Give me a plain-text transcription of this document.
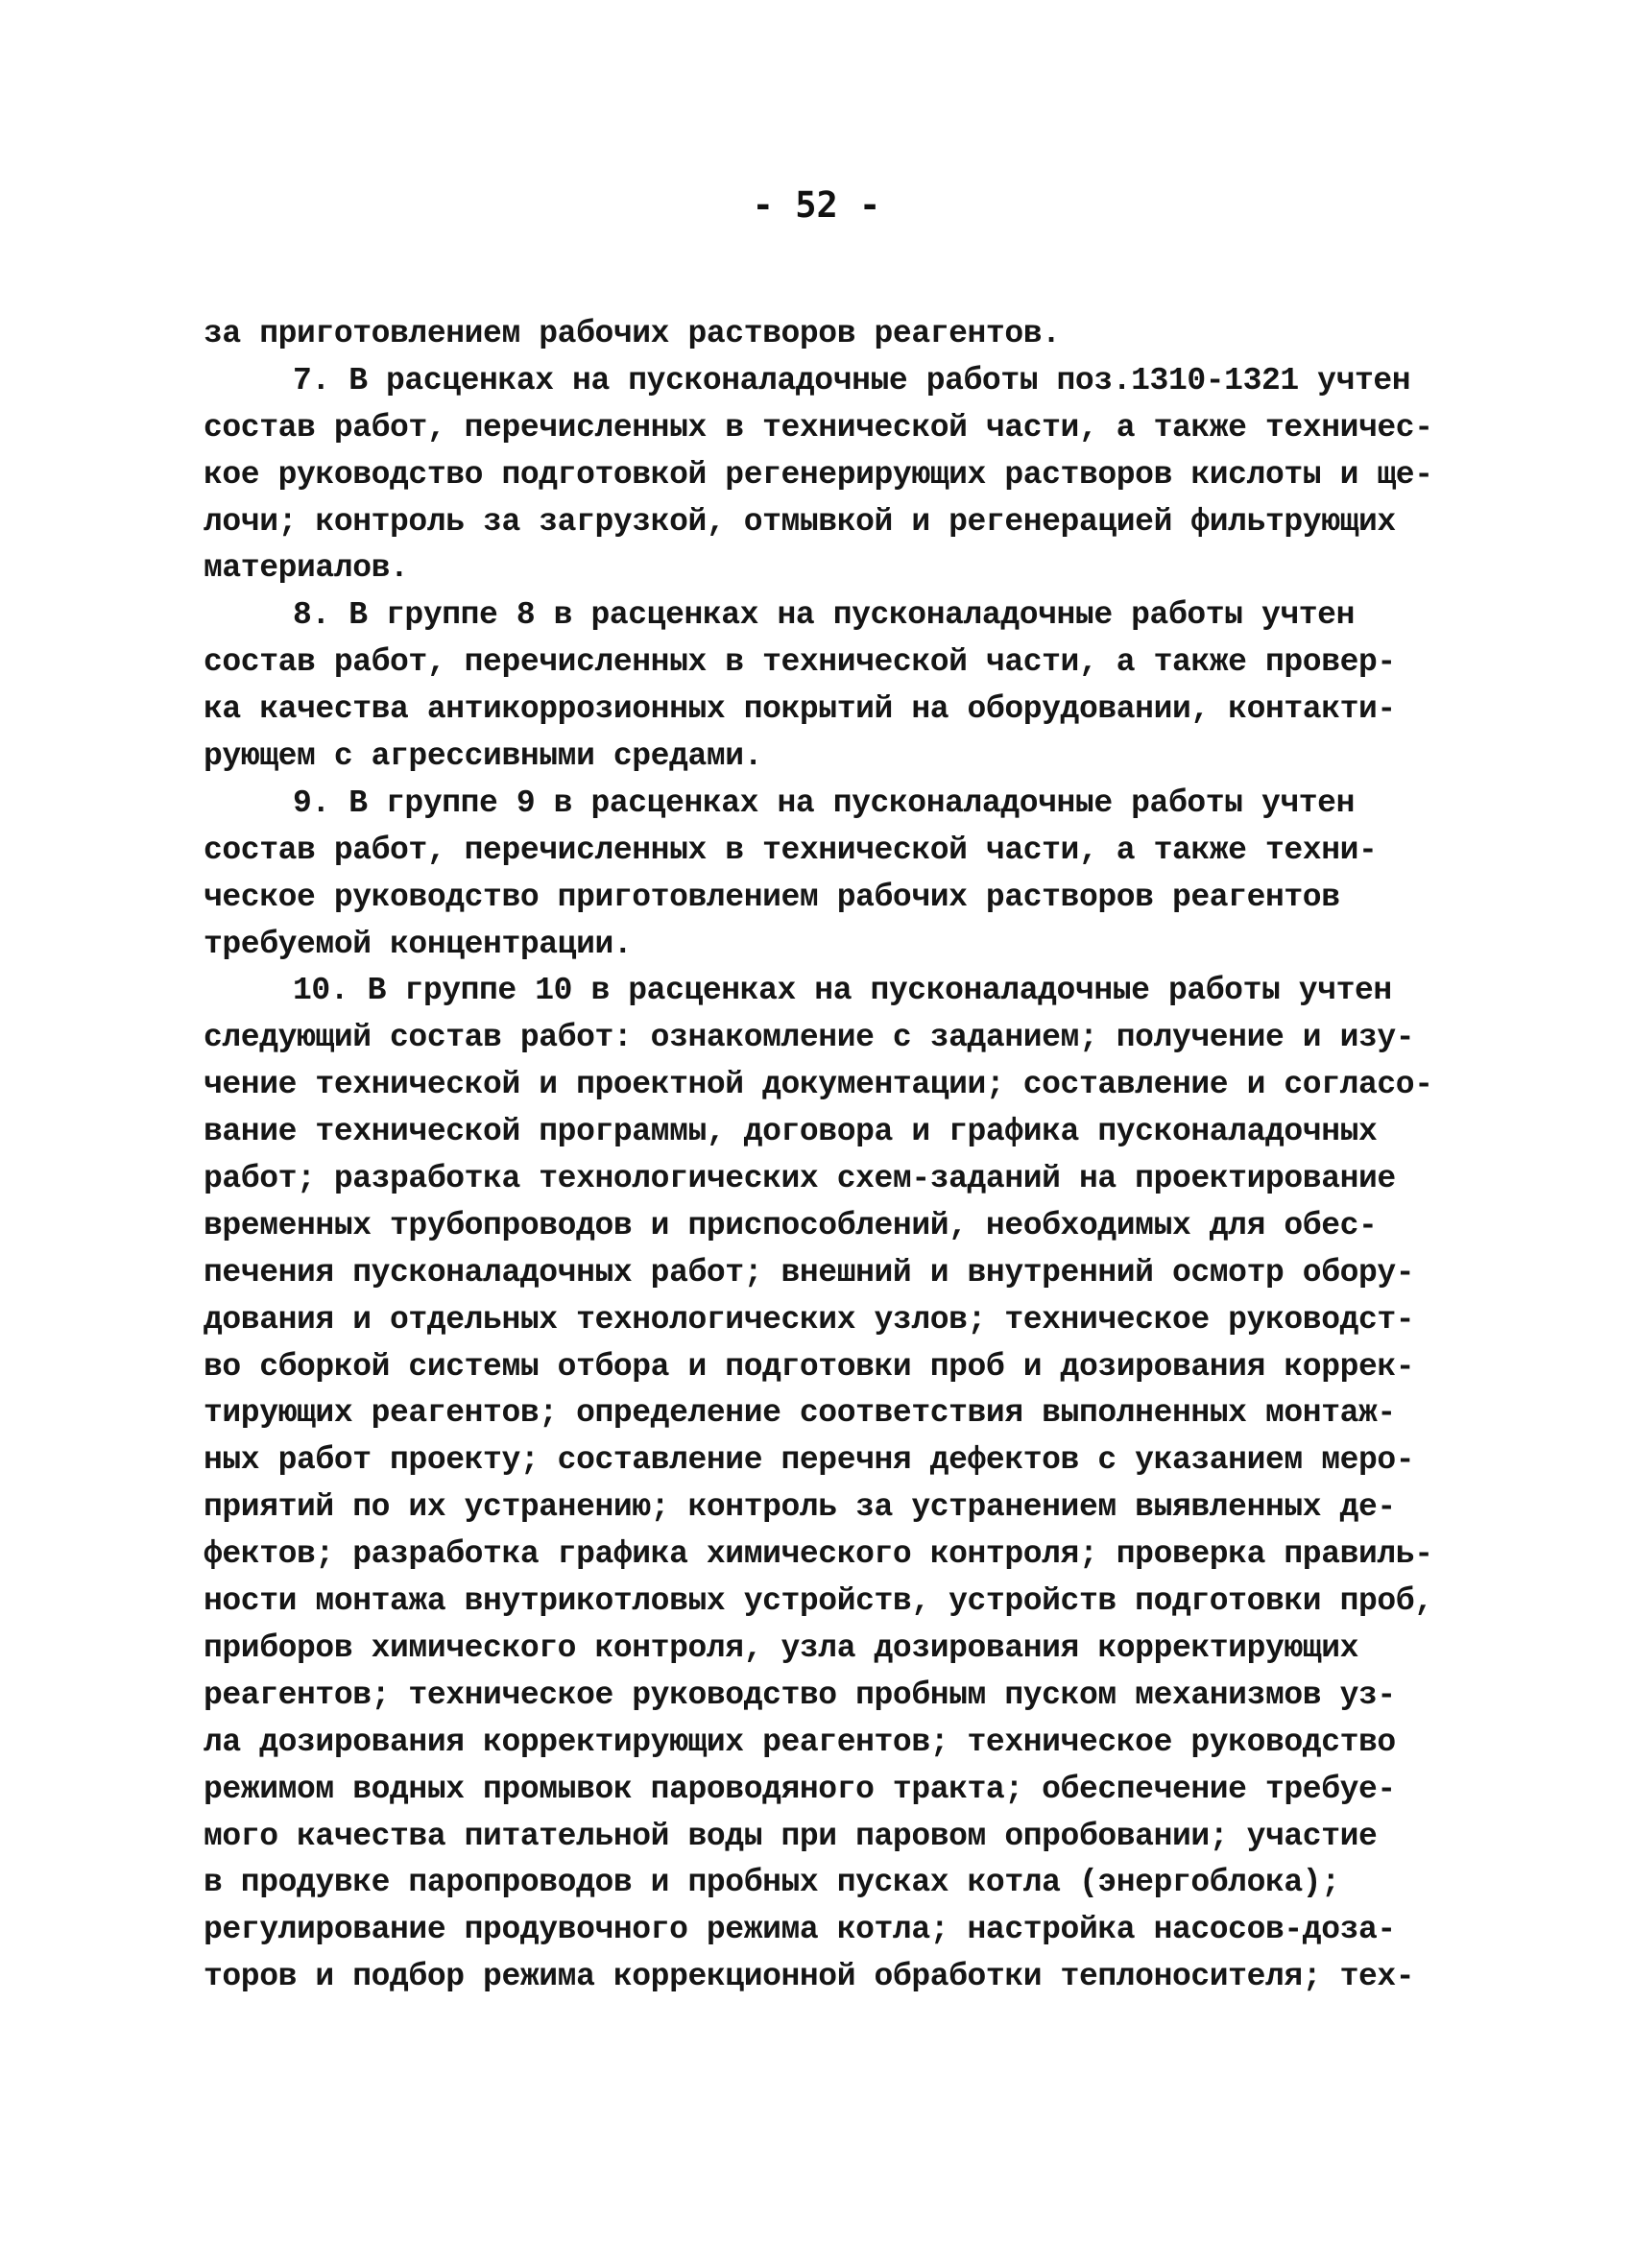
- 52 -
за приготовлением рабочих растворов реагентов.
7. В расценках на пусконаладочные работы поз.1310-1321 учтен
состав работ, перечисленных в технической части, а также техничес-
кое руководство подготовкой регенерирующих растворов кислоты и ще-
лочи; контроль за загрузкой, отмывкой и регенерацией фильтрующих
материалов.
8. В группе 8 в расценках на пусконаладочные работы учтен
состав работ, перечисленных в технической части, а также провер-
ка качества антикоррозионных покрытий на оборудовании, контакти-
рующем с агрессивными средами.
9. В группе 9 в расценках на пусконаладочные работы учтен
состав работ, перечисленных в технической части, а также техни-
ческое руководство приготовлением рабочих растворов реагентов
требуемой концентрации.
10. В группе 10 в расценках на пусконаладочные работы учтен
следующий состав работ: ознакомление с заданием; получение и изу-
чение технической и проектной документации; составление и согласо-
вание технической программы, договора и графика пусконаладочных
работ; разработка технологических схем-заданий на проектирование
временных трубопроводов и приспособлений, необходимых для обес-
печения пусконаладочных работ; внешний и внутренний осмотр обору-
дования и отдельных технологических узлов; техническое руководст-
во сборкой системы отбора и подготовки проб и дозирования коррек-
тирующих реагентов; определение соответствия выполненных монтаж-
ных работ проекту; составление перечня дефектов с указанием меро-
приятий по их устранению; контроль за устранением выявленных де-
фектов; разработка графика химического контроля; проверка правиль-
ности монтажа внутрикотловых устройств, устройств подготовки проб,
приборов химического контроля, узла дозирования корректирующих
реагентов; техническое руководство пробным пуском механизмов уз-
ла дозирования корректирующих реагентов; техническое руководство
режимом водных промывок пароводяного тракта; обеспечение требуе-
мого качества питательной воды при паровом опробовании; участие
в продувке паропроводов и пробных пусках котла (энергоблока);
регулирование продувочного режима котла; настройка насосов-доза-
торов и подбор режима коррекционной обработки теплоносителя; тех-
